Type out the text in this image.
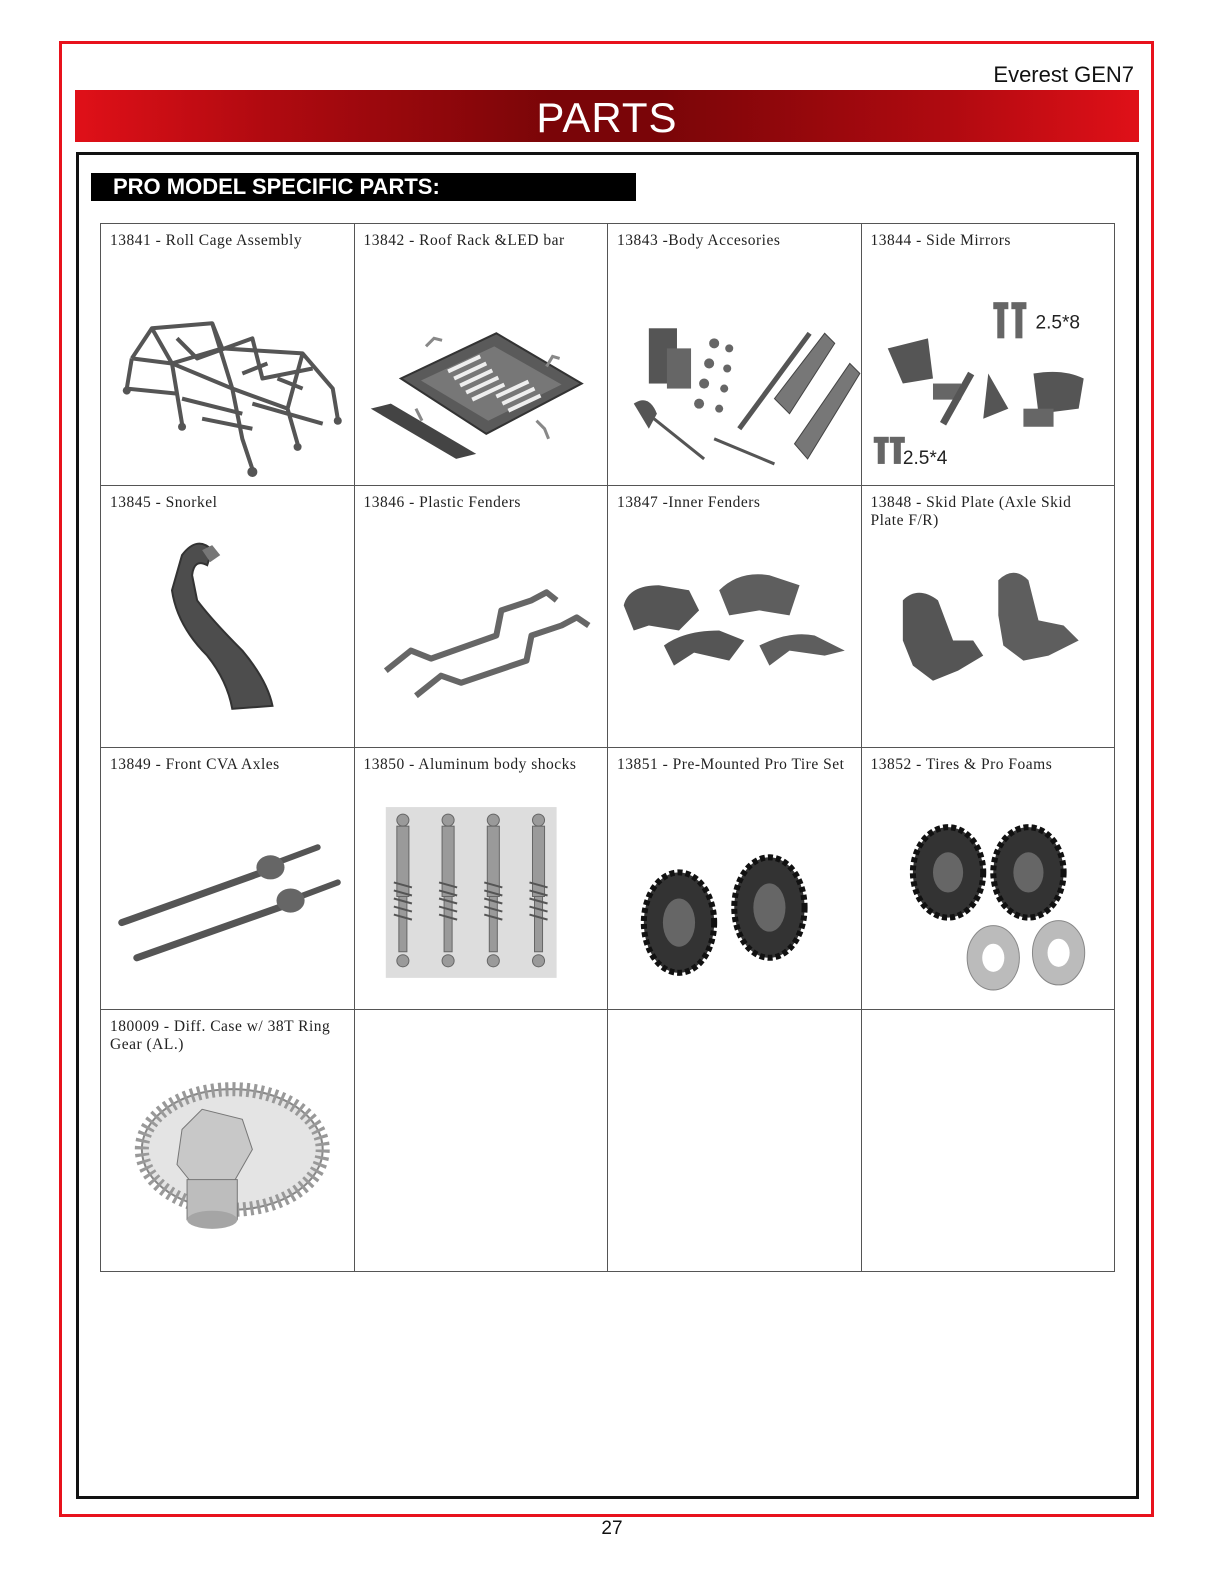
Everest GEN7
PARTS
PRO MODEL SPECIFIC PARTS:
13841 - Roll Cage Assembly	13842 - Roof Rack &LED bar	13843 -Body Accesories	13844 - Side Mirrors
2.5*8
2.5*4

13845 - Snorkel	13846 - Plastic Fenders	13847 -Inner Fenders	13848 - Skid Plate (Axle Skid Plate F/R)

13849 - Front CVA Axles	13850 - Aluminum body shocks	13851 - Pre-Mounted Pro Tire Set	13852 - Tires & Pro Foams

180009 - Diff. Case w/ 38T Ring Gear (AL.)			

27
